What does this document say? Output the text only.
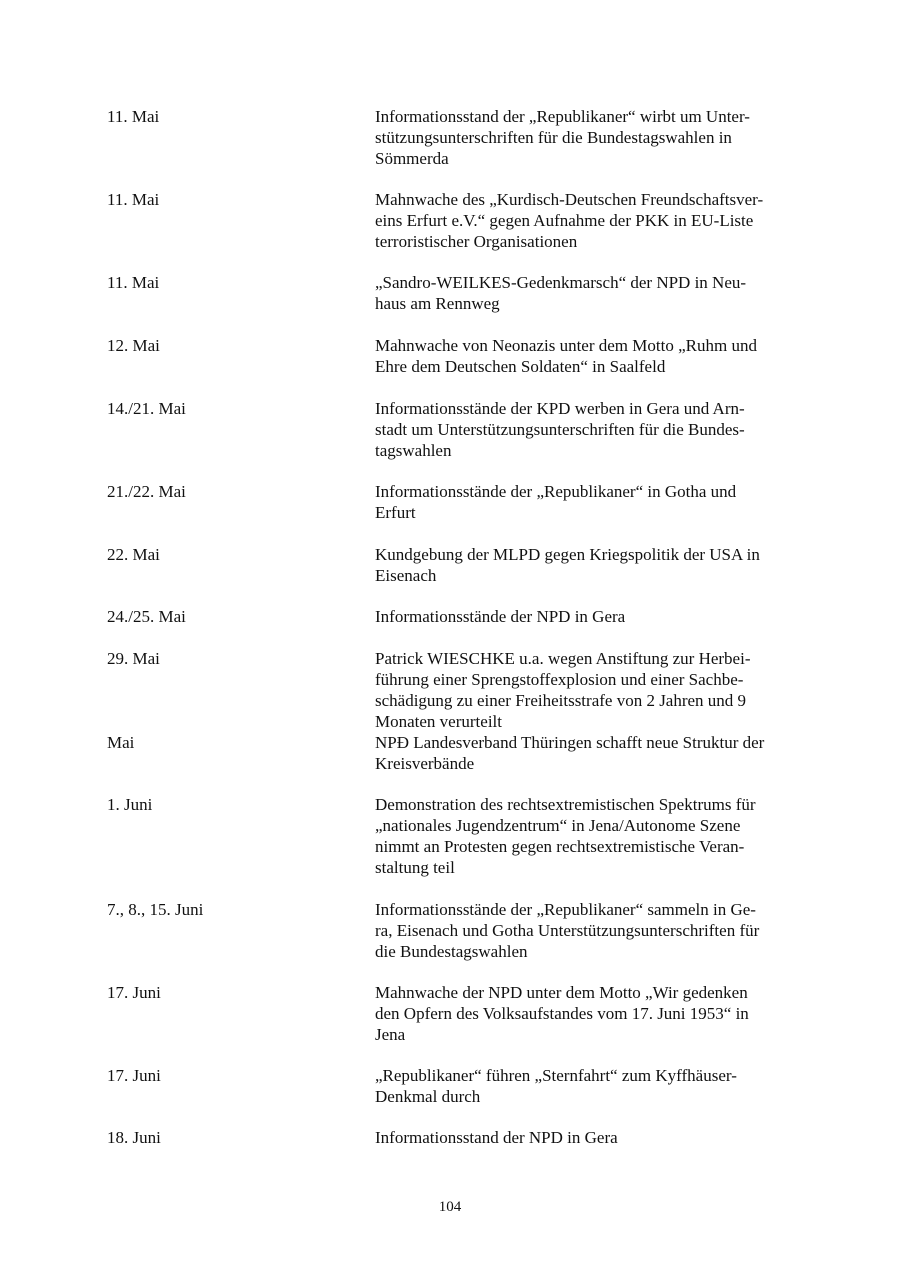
11. Mai	Informationsstand der „Republikaner“ wirbt um Unter-
stützungsunterschriften für die Bundestagswahlen in
Sömmerda
11. Mai	Mahnwache des „Kurdisch-Deutschen Freundschaftsver-
eins Erfurt e.V.“ gegen Aufnahme der PKK in EU-Liste
terroristischer Organisationen
11. Mai	„Sandro-WEILKES-Gedenkmarsch“ der NPD in Neu-
haus am Rennweg
12. Mai	Mahnwache von Neonazis unter dem Motto „Ruhm und
Ehre dem Deutschen Soldaten“ in Saalfeld
14./21. Mai	Informationsstände der KPD werben in Gera und Arn-
stadt um Unterstützungsunterschriften für die Bundes-
tagswahlen
21./22. Mai	Informationsstände der „Republikaner“ in Gotha und
Erfurt
22. Mai	Kundgebung der MLPD gegen Kriegspolitik der USA in
Eisenach
24./25. Mai	Informationsstände der NPD in Gera
29. Mai	Patrick WIESCHKE u.a. wegen Anstiftung zur Herbei-
führung einer Sprengstoffexplosion und einer Sachbe-
schädigung zu einer Freiheitsstrafe von 2 Jahren und 9
Monaten verurteilt
Mai	NPĐ Landesverband Thüringen schafft neue Struktur der
Kreisverbände
1. Juni	Demonstration des rechtsextremistischen Spektrums für
„nationales Jugendzentrum“ in Jena/Autonome Szene
nimmt an Protesten gegen rechtsextremistische Veran-
staltung teil
7., 8., 15. Juni	Informationsstände der „Republikaner“ sammeln in Ge-
ra, Eisenach und Gotha Unterstützungsunterschriften für
die Bundestagswahlen
17. Juni	Mahnwache der NPD unter dem Motto „Wir gedenken
den Opfern des Volksaufstandes vom 17. Juni 1953“ in
Jena
17. Juni	„Republikaner“ führen „Sternfahrt“ zum Kyffhäuser-
Denkmal durch
18. Juni	Informationsstand der NPD in Gera
104
